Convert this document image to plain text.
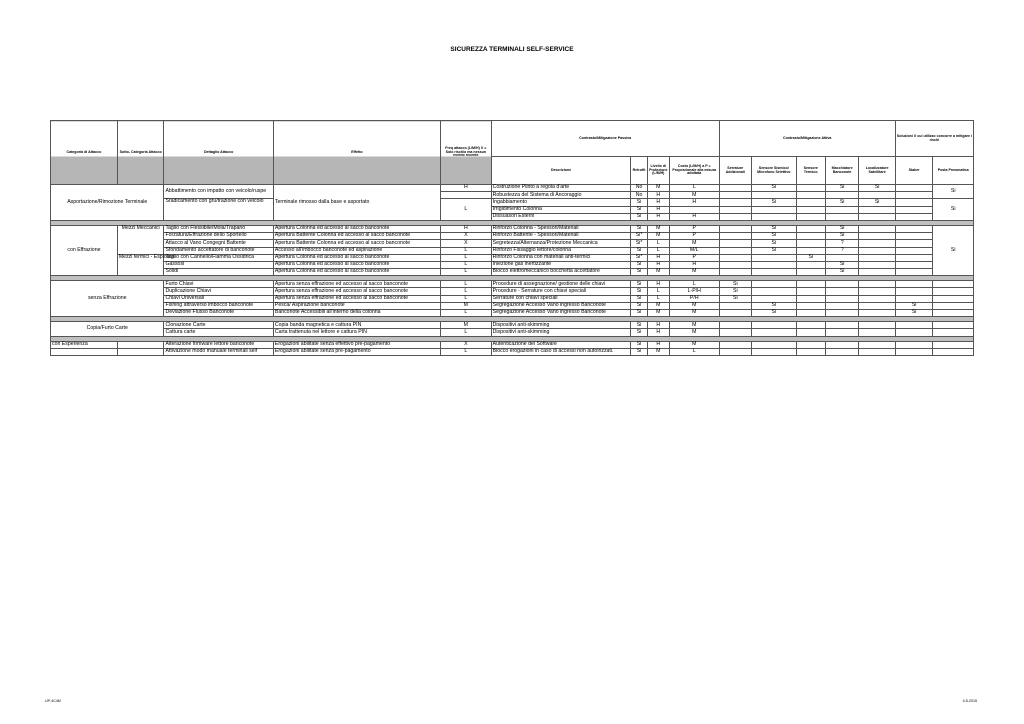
SICUREZZA TERMINALI SELF-SERVICE
Categoria di Attacco	Sotto- Categoria Attacco	Dettaglio Attacco	Effetto	Freq attacco (L/M/H) X = Solo rischio ma nessun evento recente	Contrasto/Mitigazione Passiva				Contrasto/Mitigazione Attiva					Soluzioni X cui utilizzo concorre a mitigare i rischi	
					Descrizione	Retrofit	Livello di Protezione (L/M/H)	Costo (L/M/H) a P = Proporzionale alla misura adottata	Serrature Addizionali	Sensore Sismico/ Microfono Selettivo	Sensore Termico	Macchiatore Banconote	Localizzatore Satellitare	Staker	Posta Pneumatica
Asportazione/Rimozione Terminale		Abbattimento con impatto con veicolo/ruspe	Terminale rimosso dalla base e asportato	H	Costruzione Plinto a regola d'arte	No	M	L		Si		Si	Si		Si
					Robustezza del Sistema di Ancoraggio	No	H	M							
		Sradicamento con gru/trazione con veicolo		L	Ingabbiamento	Si	H	H		Si		Si	Si		Si
					Irrigidimento Colonna	Si	H								
					Dissuasori Esterni	Si	H	H							

con Effrazione	Mezzi Meccanici	Taglio con Flessibile/Mola/Trapano	Apertura Colonna ed accesso al sacco banconote	H	Rinforzo Colonna - Spessori/Materiali	Si	M	P		Si		Si			Si
		Forzatura/Effrazione dello Sportello	Apertura Battente Colonna ed accesso al sacco banconote	X	Rinforzo Battente - Spessori/Materiali	Si*	M	P		Si		Si			
		Attacco al Vano Congegni Battente	Apertura Battente Colonna ed accesso al sacco banconote	X	Segretezza/Alternanza/Protezione Meccanica	Si*	L	M		Si		?			
		Sfondamento accettatore di banconote	Accesso all'imbocco banconote ed aspirazione	L	Rinforzo Fissaggio lettore/colonna	Si	L	M/L		Si		?			
	Mezzi termici - Esplosivi	Taglio con Cannello/Fiamma Ossidrica	Apertura Colonna ed accesso al sacco banconote	L	Rinforzo Colonna con materiali anti-termici	Si*	H	P			Si				
		Gassosi	Apertura Colonna ed accesso al sacco banconote	L	Iniezione gas inertizzante	Si	H	H				Si			
		Solidi	Apertura Colonna ed accesso al sacco banconote	L	Blocco elettromeccanico bocchetta accettatore	Si	M	M				Si			

senza Effrazione		Furto Chiavi	Apertura senza effrazione ed accesso al sacco banconote	L	Procedure di assegnazione/ gestione delle chiavi	Si	H	L	Si						
		Duplicazione Chiavi	Apertura senza effrazione ed accesso al sacco banconote	L	Procedure - Serrature con chiavi speciali	Si	L	L-P/H	Si						
		Chiavi Universali	Apertura senza effrazione ed accesso al sacco banconote	L	Serrature con chiavi speciali	Si	L	P/H	Si						
		Fishing attraverso imbocco banconote	Pesca/ Aspirazione banconote	M	Segregazione Accesso Vano ingresso Banconote	Si	M	M		Si				Si	
		Deviazione Flusso Banconote	Banconote Accessibili all'interno della colonna	L	Segregazione Accesso Vano ingresso Banconote	Si	M	M		Si				Si	

Copia/Furto Carte		Clonazione Carte	Copia banda magnetica e cattura PIN	M	Dispositivi anti-skimming	Si	H	M							
		Cattura carte	Carta trattenuta nel lettore e cattura PIN	L	Dispositivi anti-skimming	Si	H	M							

con Esperienza		Alterazione firmware lettore banconote	Erogazioni abilitate senza effettivo pre-pagamento	X	Autenticazione del Software	Si	H	M							
		Attivazione modo manuale terminali self	Erogazioni abilitate senza pre-pagamento	L	Blocco erogazioni in caso di accessi non autoirizzati.	Si	M	L							
UP-4C4M	4-5-2015
